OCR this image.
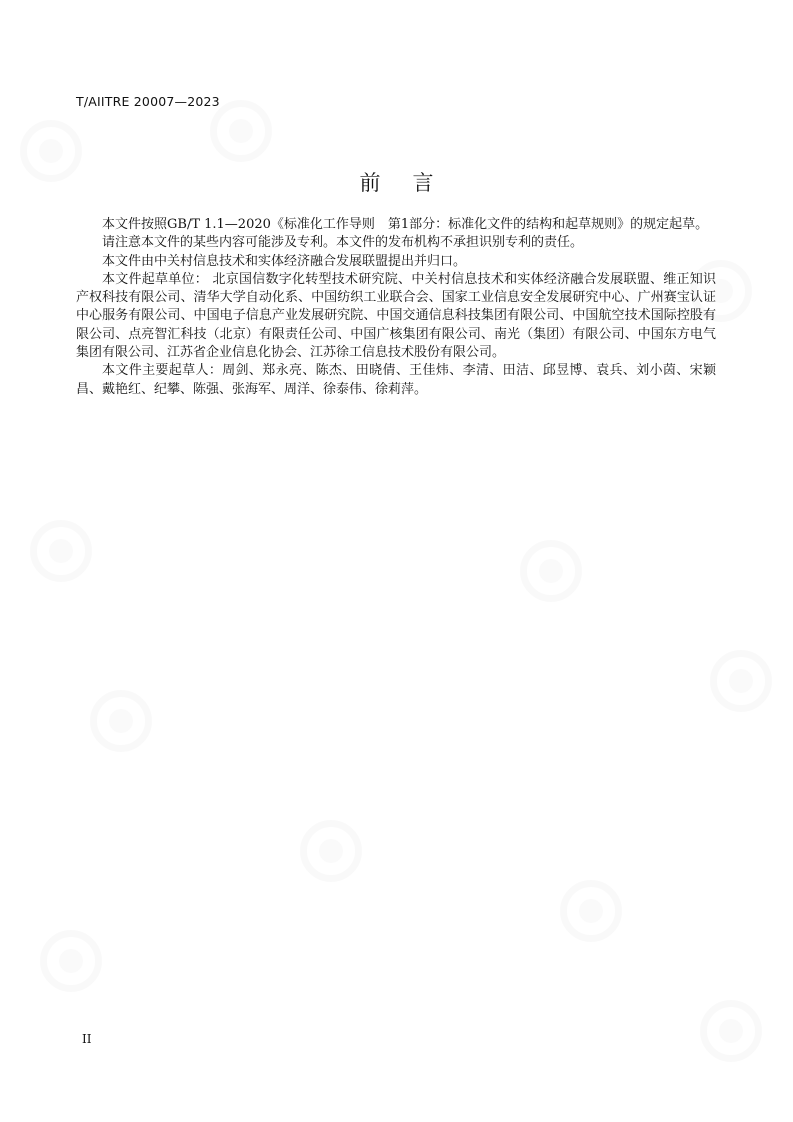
T/AIITRE 20007—2023
前言

本文件按照GB/T 1.1—2020《标准化工作导则　第1部分：标准化文件的结构和起草规则》的规定起草。

请注意本文件的某些内容可能涉及专利。本文件的发布机构不承担识别专利的责任。

本文件由中关村信息技术和实体经济融合发展联盟提出并归口。

本文件起草单位： 北京国信数字化转型技术研究院、中关村信息技术和实体经济融合发展联盟、维正知识产权科技有限公司、清华大学自动化系、中国纺织工业联合会、国家工业信息安全发展研究中心、广州赛宝认证中心服务有限公司、中国电子信息产业发展研究院、中国交通信息科技集团有限公司、中国航空技术国际控股有限公司、点亮智汇科技（北京）有限责任公司、中国广核集团有限公司、南光（集团）有限公司、中国东方电气集团有限公司、江苏省企业信息化协会、江苏徐工信息技术股份有限公司。

本文件主要起草人：周剑、郑永亮、陈杰、田晓倩、王佳炜、李清、田洁、邱昱博、袁兵、刘小茵、宋颖昌、戴艳红、纪攀、陈强、张海军、周洋、徐泰伟、徐莉萍。

II
